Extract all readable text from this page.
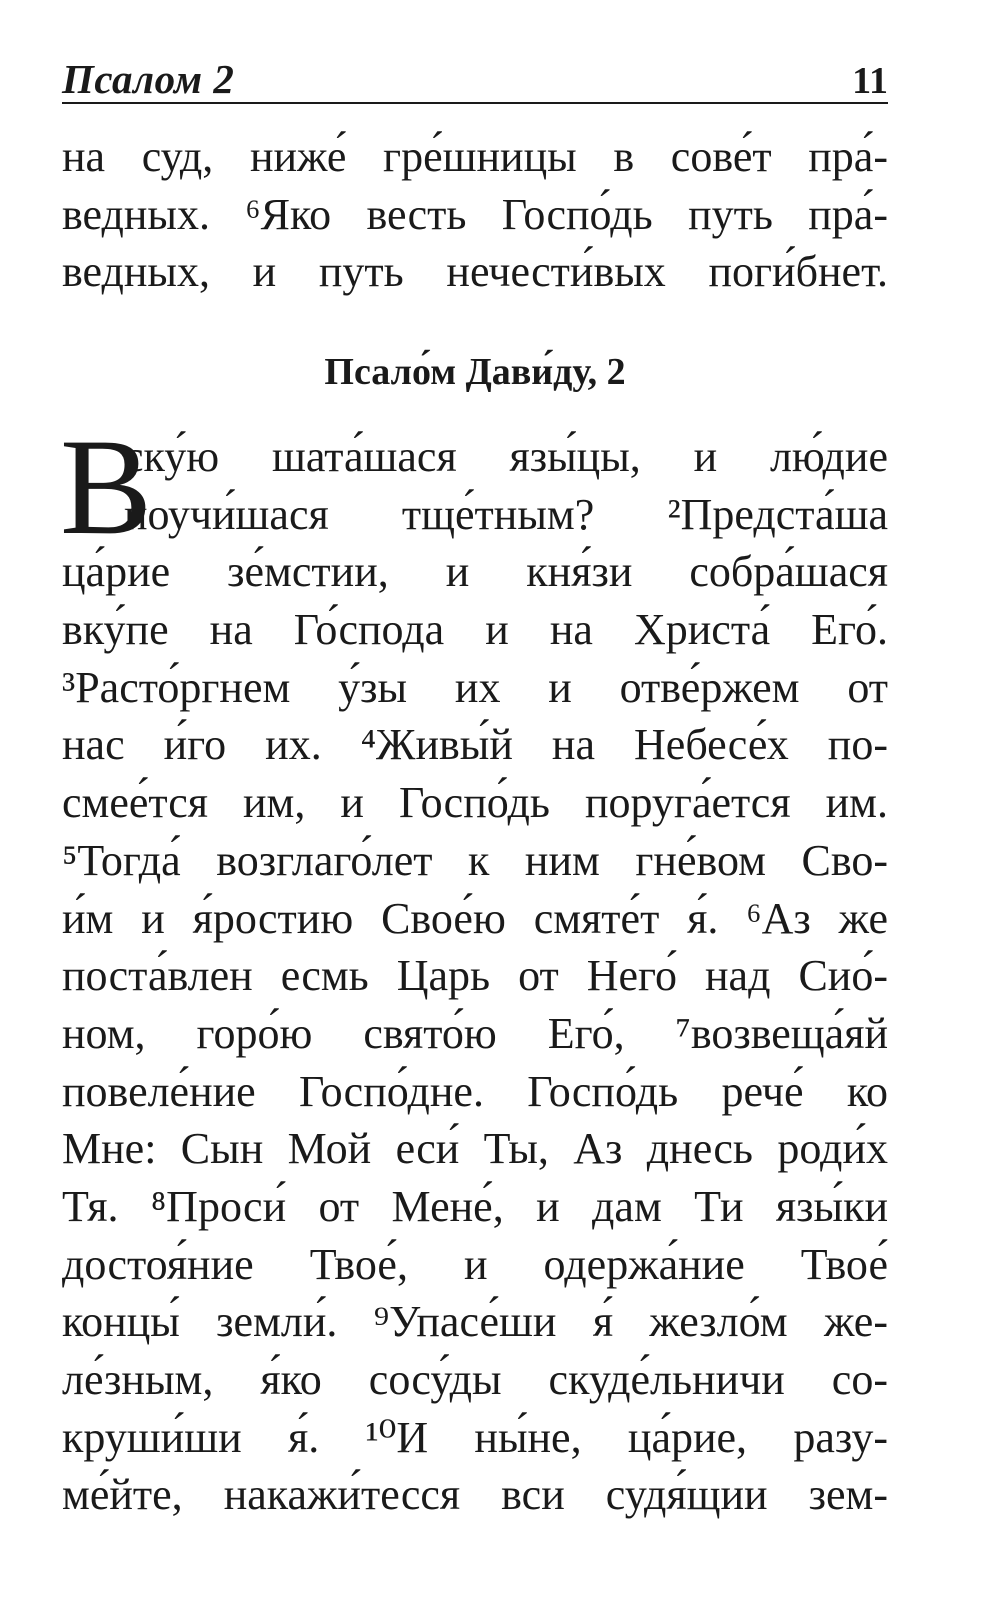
Псалом 2	11
на суд, ниже́ гре́шницы в сове́т пра́-
ведных. ⁶Яко весть Госпо́дь путь пра́-
ведных, и путь нечести́вых поги́бнет.
Псало́м Дави́ду, 2
В
ску́ю шата́шася язы́цы, и лю́дие
поучи́шася тще́тным? ²Предста́ша
ца́рие зе́мстии, и кня́зи собра́шася
вку́пе на Го́спода и на Христа́ Его́.
³Расто́ргнем у́зы их и отве́ржем от
нас и́го их. ⁴Живы́й на Небесе́х по-
смее́тся им, и Госпо́дь поруга́ется им.
⁵Тогда́ возглаго́лет к ним гне́вом Сво-
и́м и я́ростию Свое́ю смяте́т я́. ⁶Аз же
поста́влен есмь Царь от Него́ над Сио́-
ном, горо́ю свято́ю Его́, ⁷возвеща́яй
повеле́ние Госпо́дне. Госпо́дь рече́ ко
Мне: Сын Мой еси́ Ты, Аз днесь роди́х
Тя. ⁸Проси́ от Мене́, и дам Ти язы́ки
достоя́ние Твое́, и одержа́ние Твое́
концы́ земли́. ⁹Упасе́ши я́ жезло́м же-
ле́зным, я́ко сосу́ды скуде́льничи со-
круши́ши я́. ¹⁰И ны́не, ца́рие, разу-
ме́йте, накажи́тесся вси судя́щии зем-
